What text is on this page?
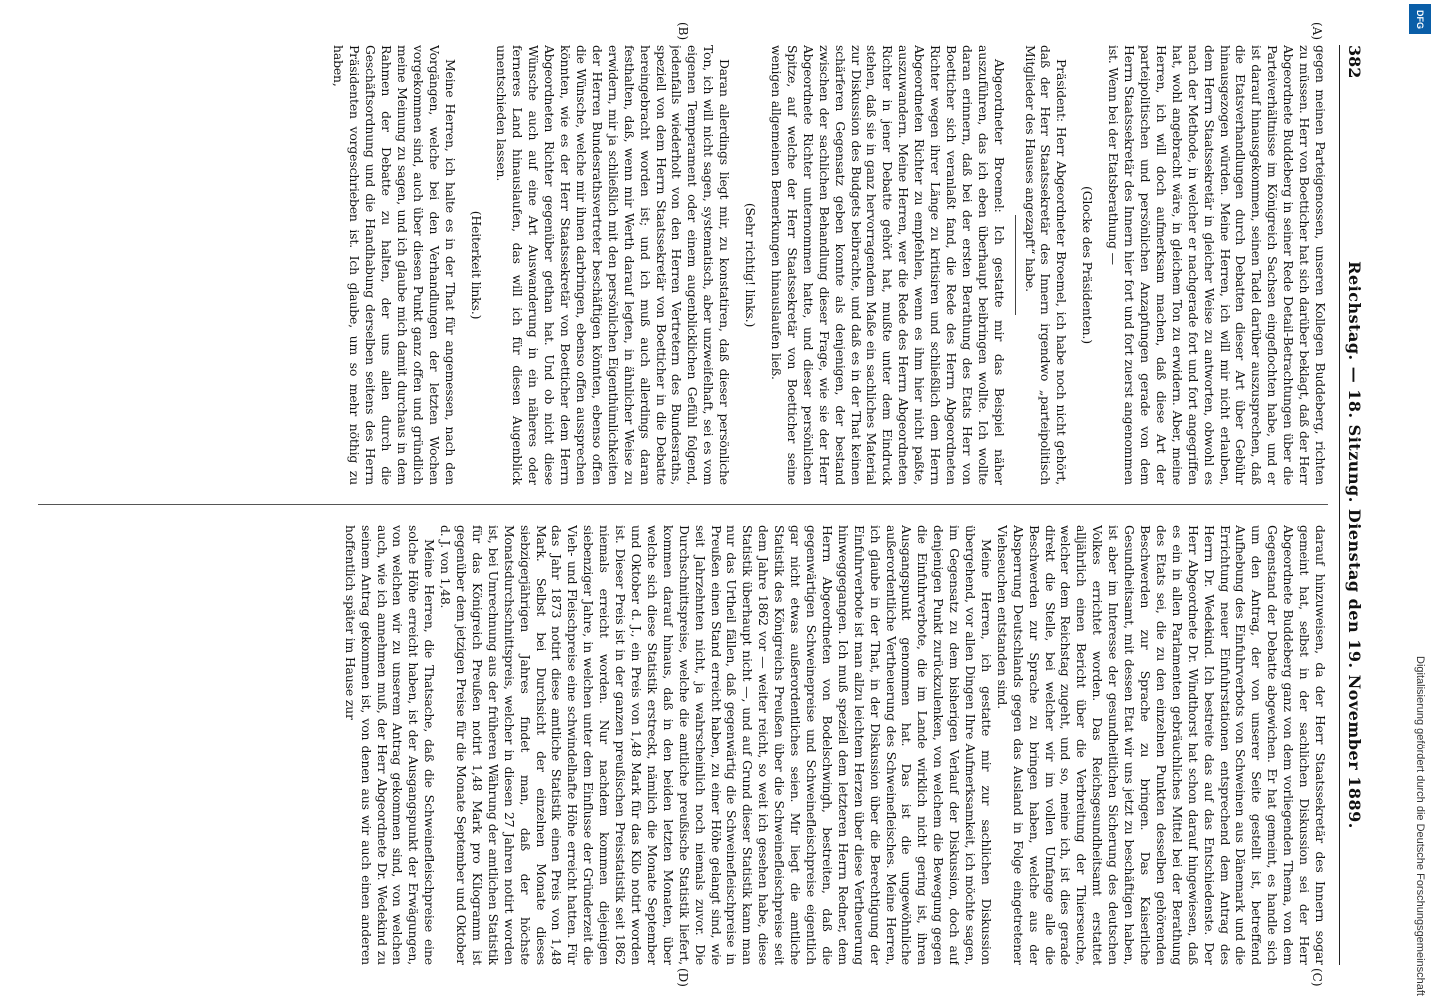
382
Reichstag. — 18. Sitzung. Dienstag den 19. November 1889.

gegen meinen Parteigenossen, unseren Kollegen Buddeberg, richten zu müssen. Herr von Boetticher hat sich darüber beklagt, daß der Herr Abgeordnete Buddeberg in seiner Rede Detail-Betrachtungen über die Parteiverhältnisse im Königreich Sachsen eingeflochten habe, und er ist darauf hinausgekommen, seinen Tadel darüber auszusprechen, daß die Etatsverhandlungen durch Debatten dieser Art über Gebühr hinausgezogen würden. Meine Herren, ich will mir nicht erlauben, dem Herrn Staatssekretär in gleicher Weise zu antworten, obwohl es nach der Methode, in welcher er nachgerade fort und fort angegriffen hat, wohl angebracht wäre, in gleichem Ton zu erwidern. Aber, meine Herren, ich will doch aufmerksam machen, daß diese Art der parteipolitischen und persönlichen Anzapfungen gerade von dem Herrn Staatssekretär des Innern hier fort und fort zuerst angenommen ist. Wenn bei der Etatsberathung —

(Glocke des Präsidenten.)

Präsident: Herr Abgeordneter Broemel, ich habe noch nicht gehört, daß der Herr Staatssekretär des Innern irgendwo „parteipolitisch Mitglieder des Hauses angezapft“ habe.

Abgeordneter Broemel: Ich gestatte mir das Beispiel näher auszuführen, das ich eben überhaupt beibringen wollte. Ich wollte daran erinnern, daß bei der ersten Berathung des Etats Herr von Boetticher sich veranlaßt fand, die Rede des Herrn Abgeordneten Richter wegen ihrer Länge zu kritisiren und schließlich dem Herrn Abgeordneten Richter zu empfehlen, wenn es ihm hier nicht paßte, auszuwandern. Meine Herren, wer die Rede des Herrn Abgeordneten Richter in jener Debatte gehört hat, mußte unter dem Eindruck stehen, daß sie in ganz hervorragendem Maße ein sachliches Material zur Diskussion des Budgets beibrachte, und daß es in der That keinen schärferen Gegensatz geben konnte als denjenigen, der bestand zwischen der sachlichen Behandlung dieser Frage, wie sie der Herr Abgeordnete Richter unternommen hatte, und dieser persönlichen Spitze, auf welche der Herr Staatssekretär von Boetticher seine wenigen allgemeinen Bemerkungen hinauslaufen ließ.

(Sehr richtig! links.)

Daran allerdings liegt mir, zu konstatiren, daß dieser persönliche Ton, ich will nicht sagen, systematisch, aber unzweifelhaft, sei es vom eigenen Temperament oder einem augenblicklichen Gefühl folgend, jedenfalls wiederholt von den Herren Vertretern des Bundesraths, speziell von dem Herrn Staatssekretär von Boetticher in die Debatte hereingebracht worden ist; und ich muß auch allerdings daran festhalten, daß, wenn mir Werth darauf legten, in ähnlicher Weise zu erwidern, mir ja schließlich mit den persönlichen Eigenthümlichkeiten der Herren Bundesrathsvertreter beschäftigen könnten, ebenso offen die Wünsche, welche mir ihnen darbringen, ebenso offen aussprechen könnten, wie es der Herr Staatssekretär von Boetticher dem Herrn Abgeordneten Richter gegenüber gethan hat. Und ob nicht diese Wünsche auch auf eine Art Auswanderung in ein näheres oder ferneres Land hinauslaufen, das will ich für diesen Augenblick unentschieden lassen.

(Heiterkeit links.)

Meine Herren, ich halte es in der That für angemessen, nach den Vorgängen, welche bei den Verhandlungen der letzten Wochen vorgekommen sind, auch über diesen Punkt ganz offen und gründlich meine Meinung zu sagen, und ich glaube mich damit durchaus in dem Rahmen der Debatte zu halten, der uns allen durch die Geschäftsordnung und die Handhabung derselben seitens des Herrn Präsidenten vorgeschrieben ist. Ich glaube, um so mehr nöthig zu haben,

darauf hinzuweisen, da der Herr Staatssekretär des Innern sogar gemeint hat, selbst in der sachlichen Diskussion sei der Herr Abgeordnete Buddeberg ganz von dem vorliegenden Thema, von dem Gegenstand der Debatte abgewichen. Er hat gemeint, es handle sich um den Antrag, der von unserer Seite gestellt ist, betreffend Aufhebung des Einfuhrverbots von Schweinen aus Dänemark und die Errichtung neuer Einfuhrstationen entsprechend dem Antrag des Herrn Dr. Wedekind. Ich bestreite das auf das Entschiedenste. Der Herr Abgeordnete Dr. Windthorst hat schon darauf hingewiesen, daß es ein in allen Parlamenten gebräuchliches Mittel bei der Berathung des Etats sei, die zu den einzelnen Punkten desselben gehörenden Beschwerden zur Sprache zu bringen. Das Kaiserliche Gesundheitsamt, mit dessen Etat wir uns jetzt zu beschäftigen haben, ist aber im Interesse der gesundheitlichen Sicherung des deutschen Volkes errichtet worden. Das Reichsgesundheitsamt erstattet alljährlich einen Bericht über die Verbreitung der Thierseuche, welcher dem Reichstag zugeht, und so, meine ich, ist dies gerade direkt die Stelle, bei welcher wir im vollen Umfange alle die Beschwerden zur Sprache zu bringen haben, welche aus der Absperrung Deutschlands gegen das Ausland in Folge eingetretener Viehseuchen entstanden sind.

Meine Herren, ich gestatte mir zur sachlichen Diskussion übergehend, vor allen Dingen Ihre Aufmerksamkeit, ich möchte sagen, im Gegensatz zu dem bisherigen Verlauf der Diskussion, doch auf denjenigen Punkt zurückzulenken, von welchem die Bewegung gegen die Einfuhrverbote, die im Lande wirklich nicht gering ist, ihren Ausgangspunkt genommen hat. Das ist die ungewöhnliche außerordentliche Vertheuerung des Schweinefleisches. Meine Herren, ich glaube in der That, in der Diskussion über die Berechtigung der Einfuhrverbote ist man allzu leichtem Herzen über diese Vertheuerung hinweggegangen. Ich muß speziell dem letzteren Herrn Redner, dem Herrn Abgeordneten von Bodelschwingh, bestreiten, daß die gegenwärtigen Schweinepreise und Schweinefleischpreise eigentlich gar nicht etwas außerordentliches seien. Mir liegt die amtliche Statistik des Königreichs Preußen über die Schweinefleischpreise seit dem Jahre 1862 vor — weiter reicht, so weit ich gesehen habe, diese Statistik überhaupt nicht —, und auf Grund dieser Statistik kann man nur das Urtheil fällen, daß gegenwärtig die Schweinefleischpreise in Preußen einen Stand erreicht haben, zu einer Höhe gelangt sind, wie seit Jahrzehnten nicht, ja wahrscheinlich noch niemals zuvor. Die Durchschnittspreise, welche die amtliche preußische Statistik liefert, kommen darauf hinaus, daß in den beiden letzten Monaten, über welche sich diese Statistik erstreckt, nämlich die Monate September und Oktober d. J., ein Preis von 1,48 Mark für das Kilo notirt worden ist. Dieser Preis ist in der ganzen preußischen Preisstatistik seit 1862 niemals erreicht worden. Nur nachdem kommen diejenigen siebenziger Jahre, in welchen unter dem Einflusse der Gründerzeit die Vieh- und Fleischpreise eine schwindelhafte Höhe erreicht hatten. Für das Jahr 1873 notirt diese amtliche Statistik einen Preis von 1,48 Mark. Selbst bei Durchsicht der einzelnen Monate dieses siebzigerjährigen Jahres findet man, daß der höchste Monatsdurchschnittspreis, welcher in diesen 27 Jahren notirt worden ist, bei Umrechnung aus der früheren Währung der amtlichen Statistik für das Königreich Preußen notirt 1,48 Mark pro Kilogramm ist gegenüber dem jetzigen Preise für die Monate September und Oktober d. J. von 1,48.

Meine Herren, die Thatsache, daß die Schweinefleischpreise eine solche Höhe erreicht haben, ist der Ausgangspunkt der Erwägungen, von welchen wir zu unserem Antrag gekommen sind, von welchen auch, wie ich annehmen muß, der Herr Abgeordnete Dr. Wedekind zu seinem Antrag gekommen ist, von denen aus wir auch einen anderen hoffentlich später im Hause zur

(A)
(B)
(C)
(D)
DFG
Digitalisierung gefördert durch die Deutsche Forschungsgemeinschaft
